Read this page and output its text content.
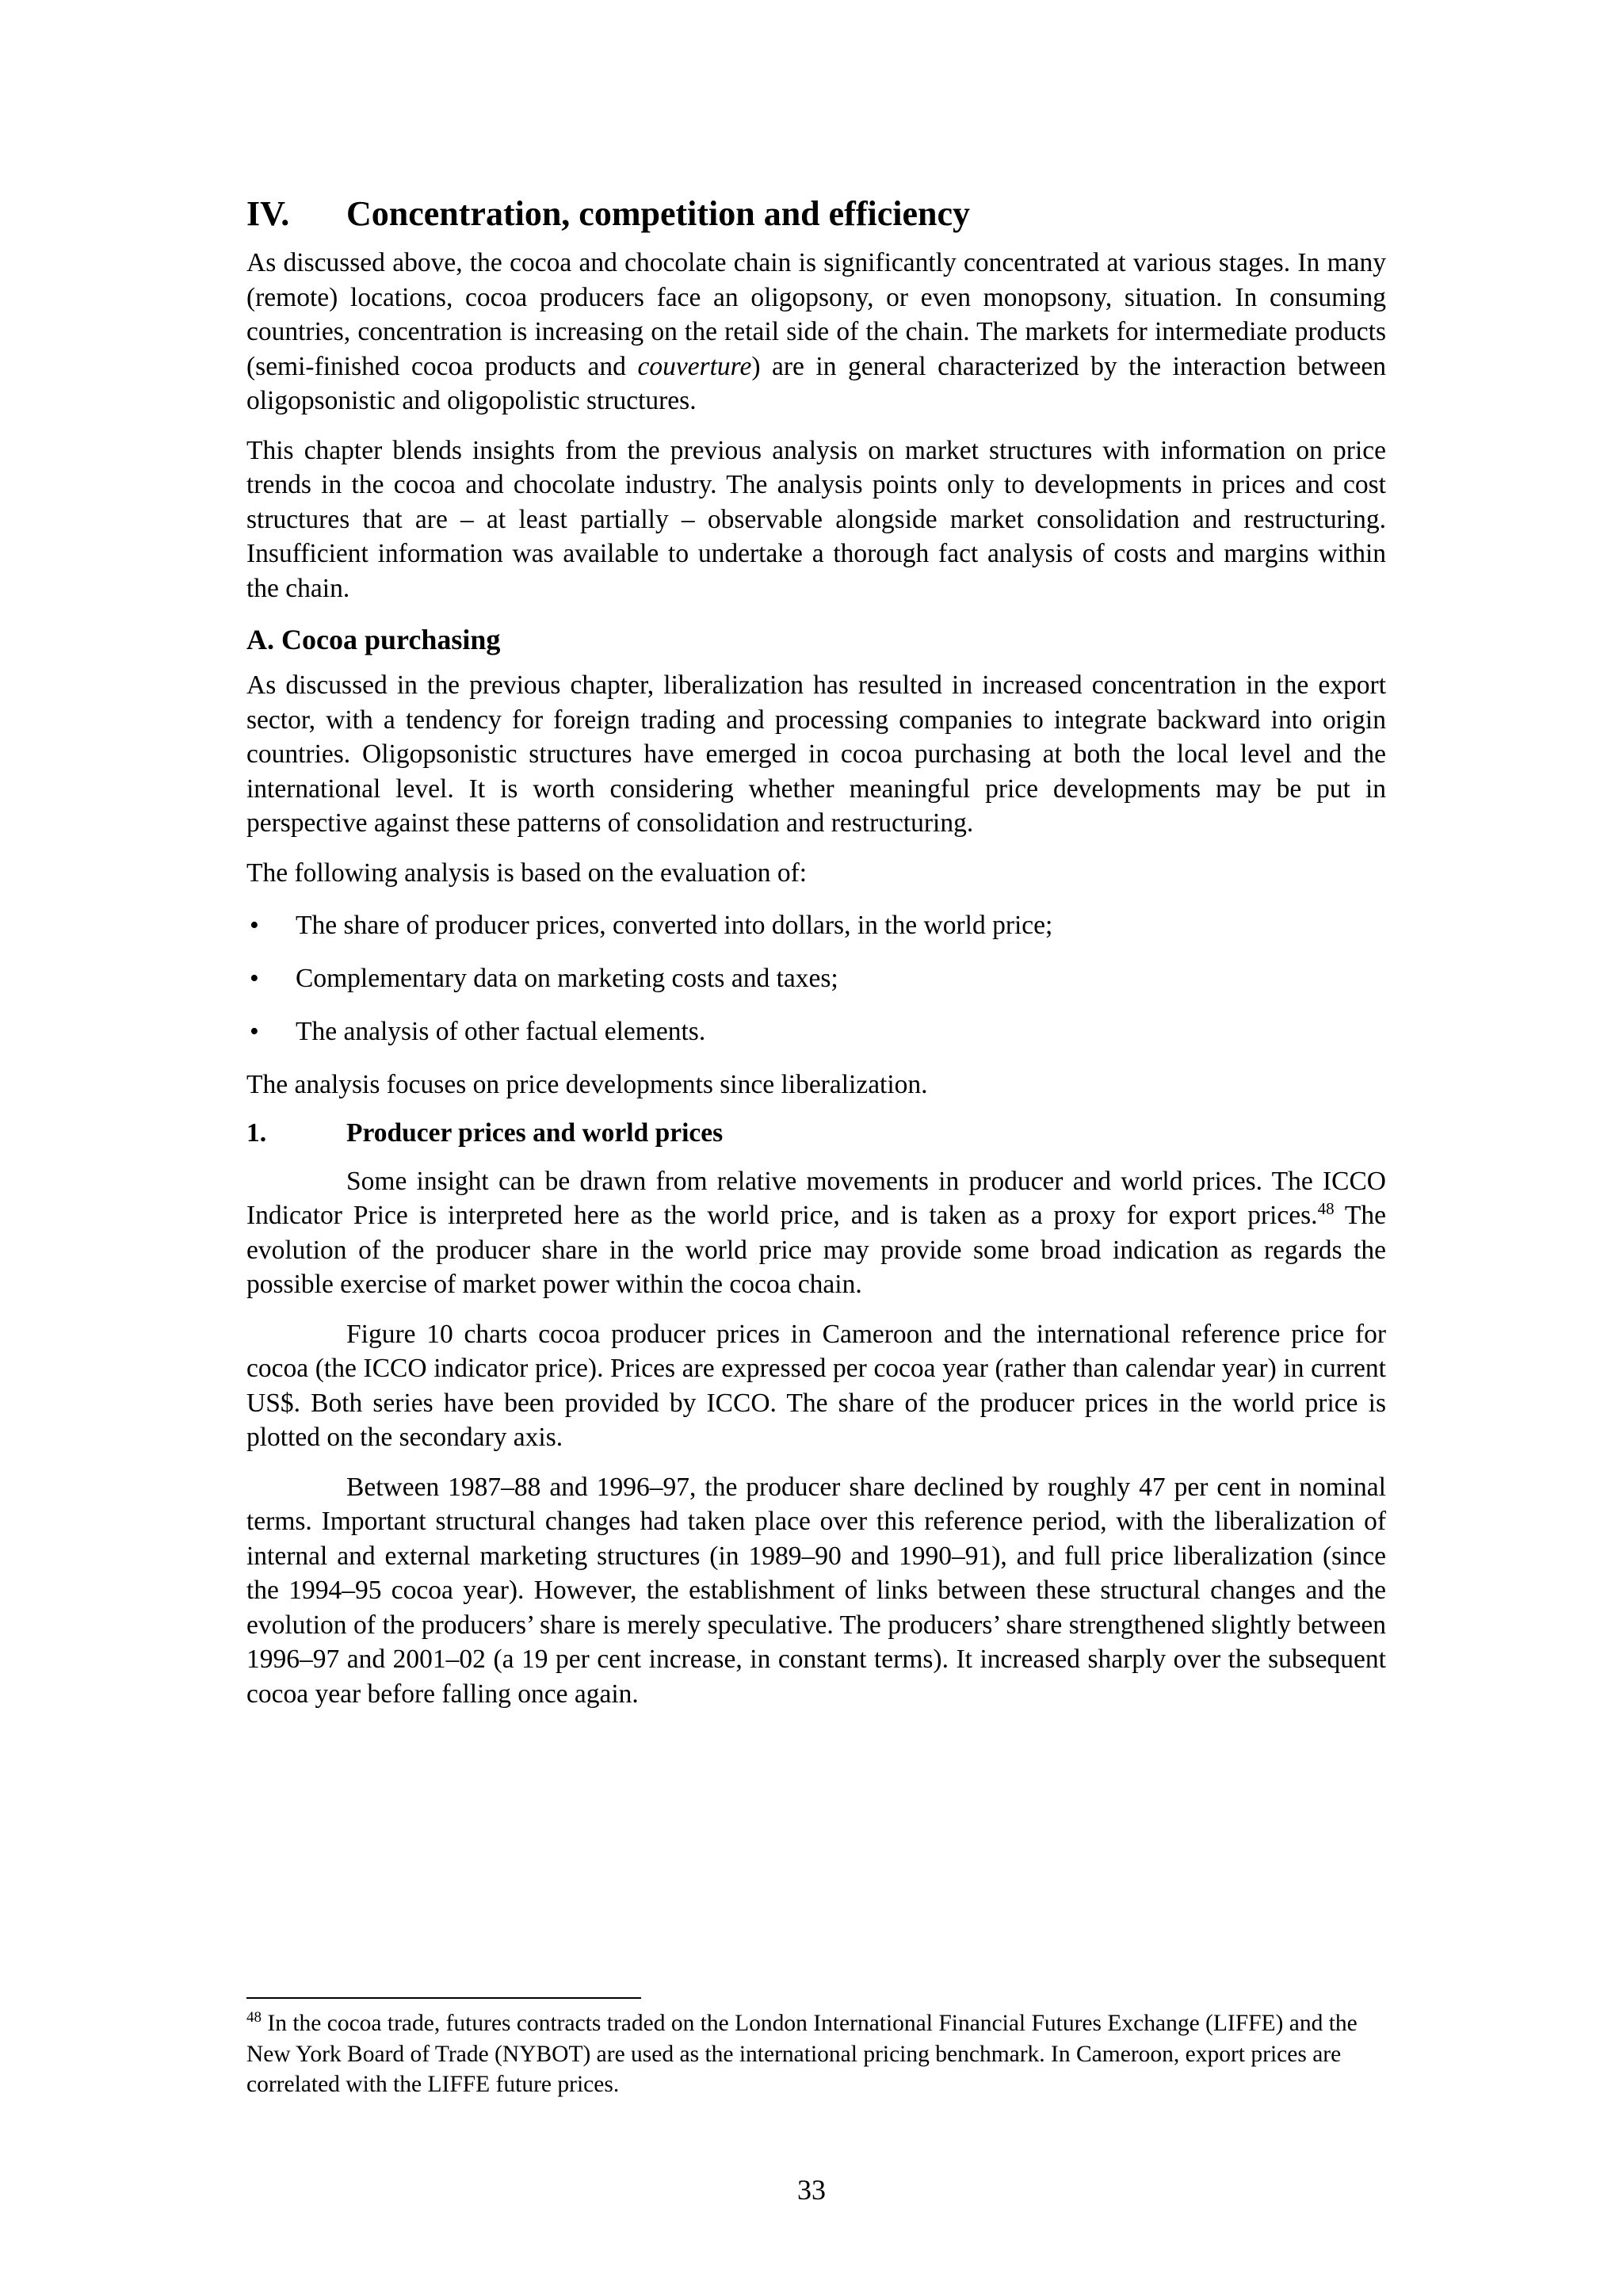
IV.	Concentration, competition and efficiency

As discussed above, the cocoa and chocolate chain is significantly concentrated at various stages. In many (remote) locations, cocoa producers face an oligopsony, or even monopsony, situation. In consuming countries, concentration is increasing on the retail side of the chain. The markets for intermediate products (semi-finished cocoa products and couverture) are in general characterized by the interaction between oligopsonistic and oligopolistic structures.

This chapter blends insights from the previous analysis on market structures with information on price trends in the cocoa and chocolate industry. The analysis points only to developments in prices and cost structures that are – at least partially – observable alongside market consolidation and restructuring. Insufficient information was available to undertake a thorough fact analysis of costs and margins within the chain.

A. Cocoa purchasing

As discussed in the previous chapter, liberalization has resulted in increased concentration in the export sector, with a tendency for foreign trading and processing companies to integrate backward into origin countries. Oligopsonistic structures have emerged in cocoa purchasing at both the local level and the international level. It is worth considering whether meaningful price developments may be put in perspective against these patterns of consolidation and restructuring.

The following analysis is based on the evaluation of:

•	The share of producer prices, converted into dollars, in the world price;
•	Complementary data on marketing costs and taxes;
•	The analysis of other factual elements.

The analysis focuses on price developments since liberalization.

1.	Producer prices and world prices

Some insight can be drawn from relative movements in producer and world prices. The ICCO Indicator Price is interpreted here as the world price, and is taken as a proxy for export prices.$^{48}$ The evolution of the producer share in the world price may provide some broad indication as regards the possible exercise of market power within the cocoa chain.

Figure 10 charts cocoa producer prices in Cameroon and the international reference price for cocoa (the ICCO indicator price). Prices are expressed per cocoa year (rather than calendar year) in current US$. Both series have been provided by ICCO. The share of the producer prices in the world price is plotted on the secondary axis.

Between 1987–88 and 1996–97, the producer share declined by roughly 47 per cent in nominal terms. Important structural changes had taken place over this reference period, with the liberalization of internal and external marketing structures (in 1989–90 and 1990–91), and full price liberalization (since the 1994–95 cocoa year). However, the establishment of links between these structural changes and the evolution of the producers’ share is merely speculative. The producers’ share strengthened slightly between 1996–97 and 2001–02 (a 19 per cent increase, in constant terms). It increased sharply over the subsequent cocoa year before falling once again.

$^{48}$ In the cocoa trade, futures contracts traded on the London International Financial Futures Exchange (LIFFE) and the New York Board of Trade (NYBOT) are used as the international pricing benchmark. In Cameroon, export prices are correlated with the LIFFE future prices.

33
